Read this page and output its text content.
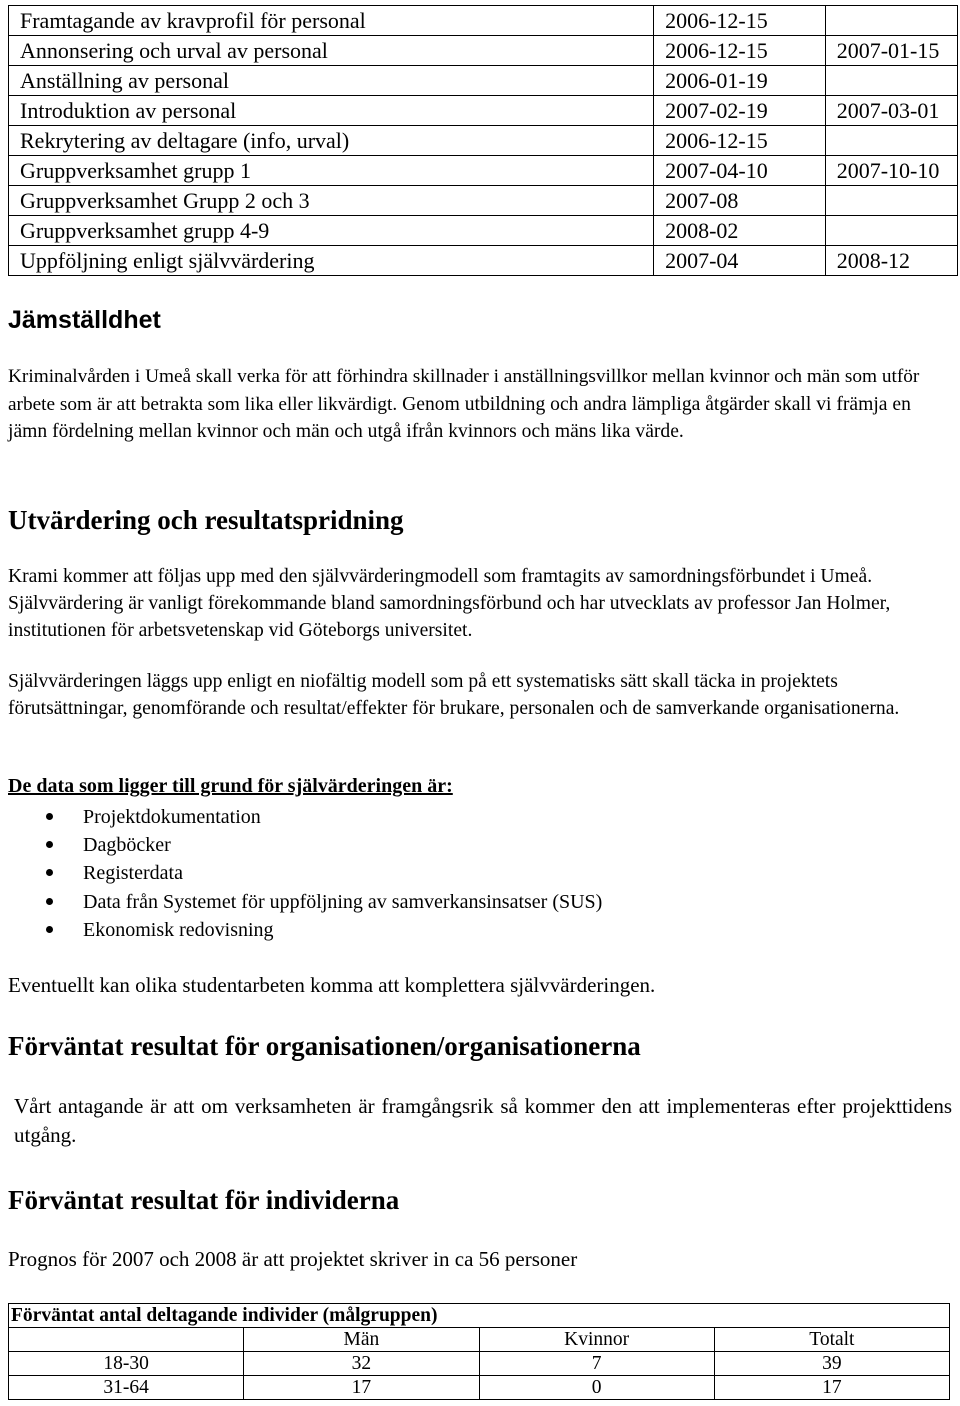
Framtagande av kravprofil för personal	2006-12-15	
Annonsering och urval av personal	2006-12-15	2007-01-15
Anställning av personal	2006-01-19	
Introduktion av personal	2007-02-19	2007-03-01
Rekrytering av deltagare (info, urval)	2006-12-15	
Gruppverksamhet grupp 1	2007-04-10	2007-10-10
Gruppverksamhet Grupp 2 och 3	2007-08	
Gruppverksamhet grupp 4-9	2008-02	
Uppföljning enligt självvärdering	2007-04	2008-12
Jämställdhet

Kriminalvården i Umeå skall verka för att förhindra skillnader i anställningsvillkor mellan kvinnor och män som utför arbete som är att betrakta som lika eller likvärdigt. Genom utbildning och andra lämpliga åtgärder skall vi främja en jämn fördelning mellan kvinnor och män och utgå ifrån kvinnors och mäns lika värde.

Utvärdering och resultatspridning

Krami kommer att följas upp med den självvärderingmodell som framtagits av samordningsförbundet i Umeå. Självvärdering är vanligt förekommande bland samordningsförbund och har utvecklats av professor Jan Holmer, institutionen för arbetsvetenskap vid Göteborgs universitet.

Självvärderingen läggs upp enligt en niofältig modell som på ett systematisks sätt skall täcka in projektets förutsättningar, genomförande och resultat/effekter för brukare, personalen och de samverkande organisationerna.

De data som ligger till grund för självärderingen är:

Projektdokumentation
Dagböcker
Registerdata
Data från Systemet för uppföljning av samverkansinsatser (SUS)
Ekonomisk redovisning

Eventuellt kan olika studentarbeten komma att komplettera självvärderingen.

Förväntat resultat för organisationen/organisationerna

Vårt antagande är att om verksamheten är framgångsrik så kommer den att implementeras efter projekttidens utgång.

Förväntat resultat för individerna

Prognos för 2007 och 2008 är att projektet skriver in ca 56 personer

Förväntat antal deltagande individer (målgruppen)			
	Män	Kvinnor	Totalt
18-30	32	7	39
31-64	17	0	17
